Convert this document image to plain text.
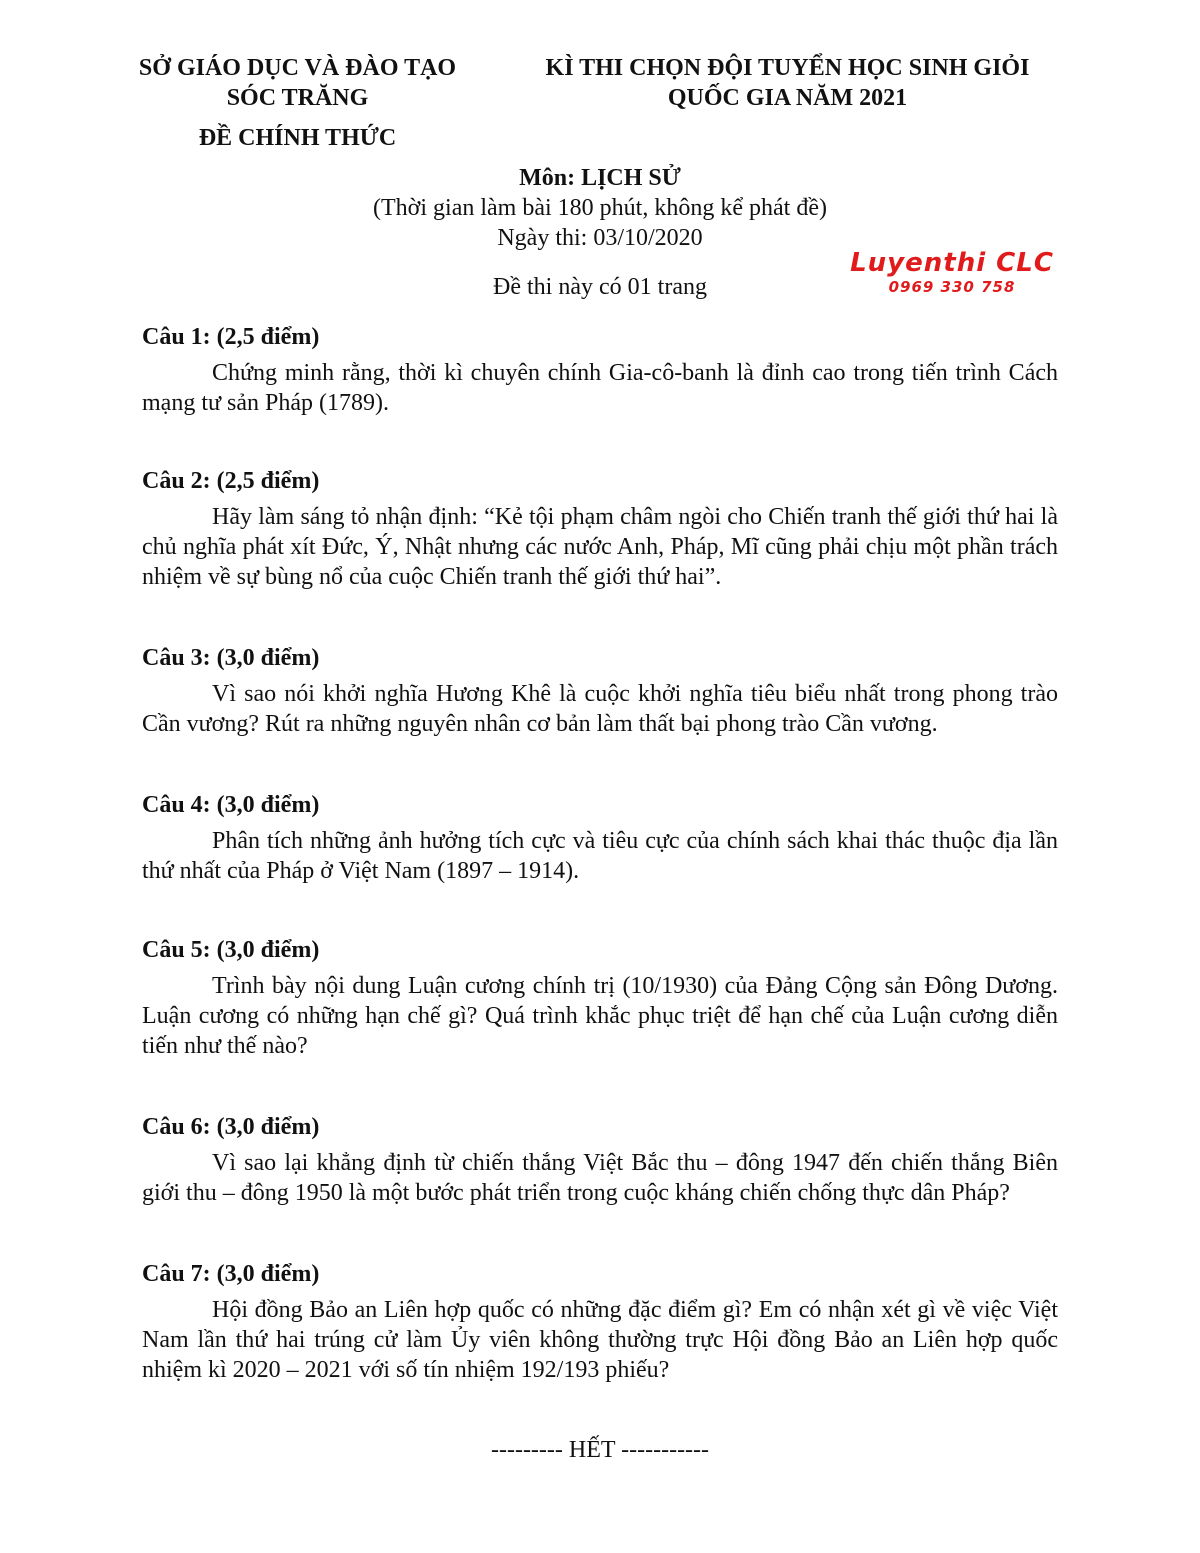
SỞ GIÁO DỤC VÀ ĐÀO TẠO
SÓC TRĂNG
ĐỀ CHÍNH THỨC
KÌ THI CHỌN ĐỘI TUYỂN HỌC SINH GIỎI
QUỐC GIA NĂM 2021
Môn: LỊCH SỬ
(Thời gian làm bài 180 phút, không kể phát đề)
Ngày thi: 03/10/2020
Đề thi này có 01 trang
Luyenthi CLC
0969 330 758

Câu 1: (2,5 điểm)

Chứng minh rằng, thời kì chuyên chính Gia-cô-banh là đỉnh cao trong tiến trình Cách mạng tư sản Pháp (1789).

Câu 2: (2,5 điểm)

Hãy làm sáng tỏ nhận định: “Kẻ tội phạm châm ngòi cho Chiến tranh thế giới thứ hai là chủ nghĩa phát xít Đức, Ý, Nhật nhưng các nước Anh, Pháp, Mĩ cũng phải chịu một phần trách nhiệm về sự bùng nổ của cuộc Chiến tranh thế giới thứ hai”.

Câu 3: (3,0 điểm)

Vì sao nói khởi nghĩa Hương Khê là cuộc khởi nghĩa tiêu biểu nhất trong phong trào Cần vương? Rút ra những nguyên nhân cơ bản làm thất bại phong trào Cần vương.

Câu 4: (3,0 điểm)

Phân tích những ảnh hưởng tích cực và tiêu cực của chính sách khai thác thuộc địa lần thứ nhất của Pháp ở Việt Nam (1897 – 1914).

Câu 5: (3,0 điểm)

Trình bày nội dung Luận cương chính trị (10/1930) của Đảng Cộng sản Đông Dương. Luận cương có những hạn chế gì? Quá trình khắc phục triệt để hạn chế của Luận cương diễn tiến như thế nào?

Câu 6: (3,0 điểm)

Vì sao lại khẳng định từ chiến thắng Việt Bắc thu – đông 1947 đến chiến thắng Biên giới thu – đông 1950 là một bước phát triển trong cuộc kháng chiến chống thực dân Pháp?

Câu 7: (3,0 điểm)

Hội đồng Bảo an Liên hợp quốc có những đặc điểm gì? Em có nhận xét gì về việc Việt Nam lần thứ hai trúng cử làm Ủy viên không thường trực Hội đồng Bảo an Liên hợp quốc nhiệm kì 2020 – 2021 với số tín nhiệm 192/193 phiếu?

--------- HẾT -----------
